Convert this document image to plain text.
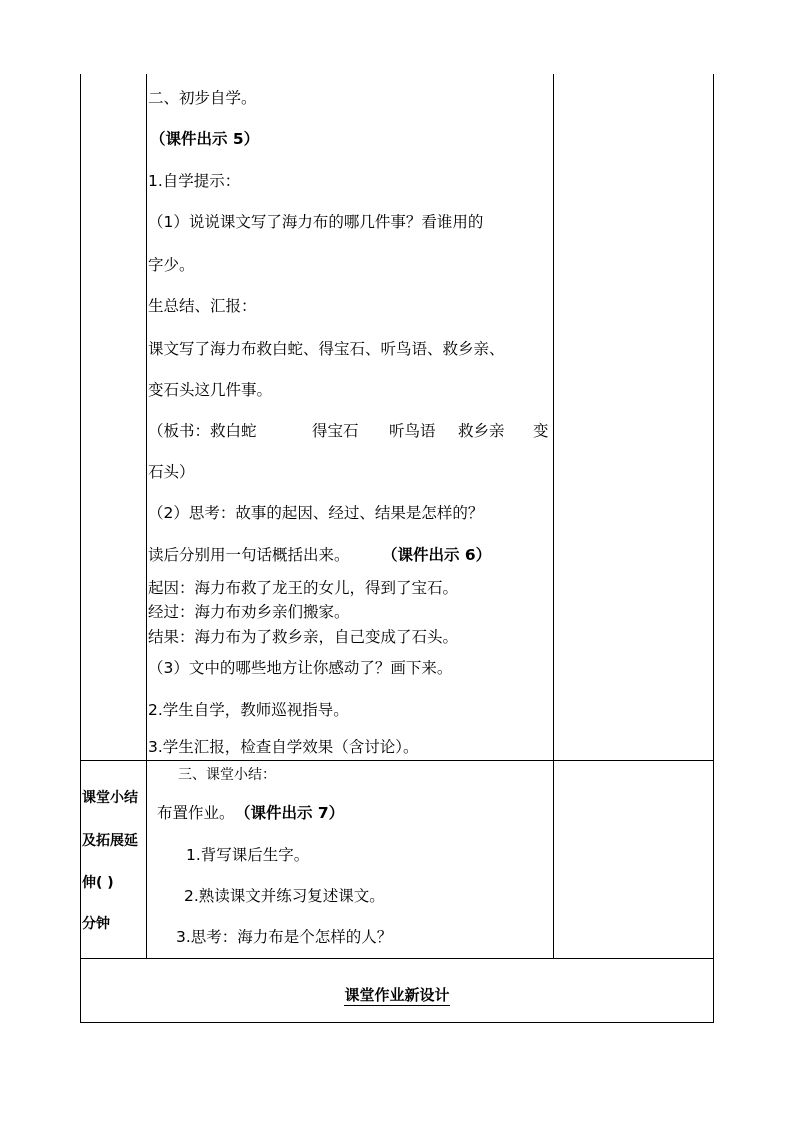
二、初步自学。
（课件出示 5）
1.自学提示：
（1）说说课文写了海力布的哪几件事？看谁用的
字少。
生总结、汇报：
课文写了海力布救白蛇、得宝石、听鸟语、救乡亲、
变石头这几件事。
（板书：救白蛇	得宝石 听鸟语 救乡亲 变
石头）
（2）思考：故事的起因、经过、结果是怎样的？
读后分别用一句话概括出来。 （课件出示 6）
起因：海力布救了龙王的女儿，得到了宝石。
经过：海力布劝乡亲们搬家。
结果：海力布为了救乡亲，自己变成了石头。
（3）文中的哪些地方让你感动了？画下来。
2.学生自学，教师巡视指导。
3.学生汇报，检查自学效果（含讨论）。
课堂小结
及拓展延
伸( )
分钟
三、课堂小结：
布置作业。 （课件出示 7）
1.背写课后生字。
2.熟读课文并练习复述课文。
3.思考：海力布是个怎样的人？
课堂作业新设计
